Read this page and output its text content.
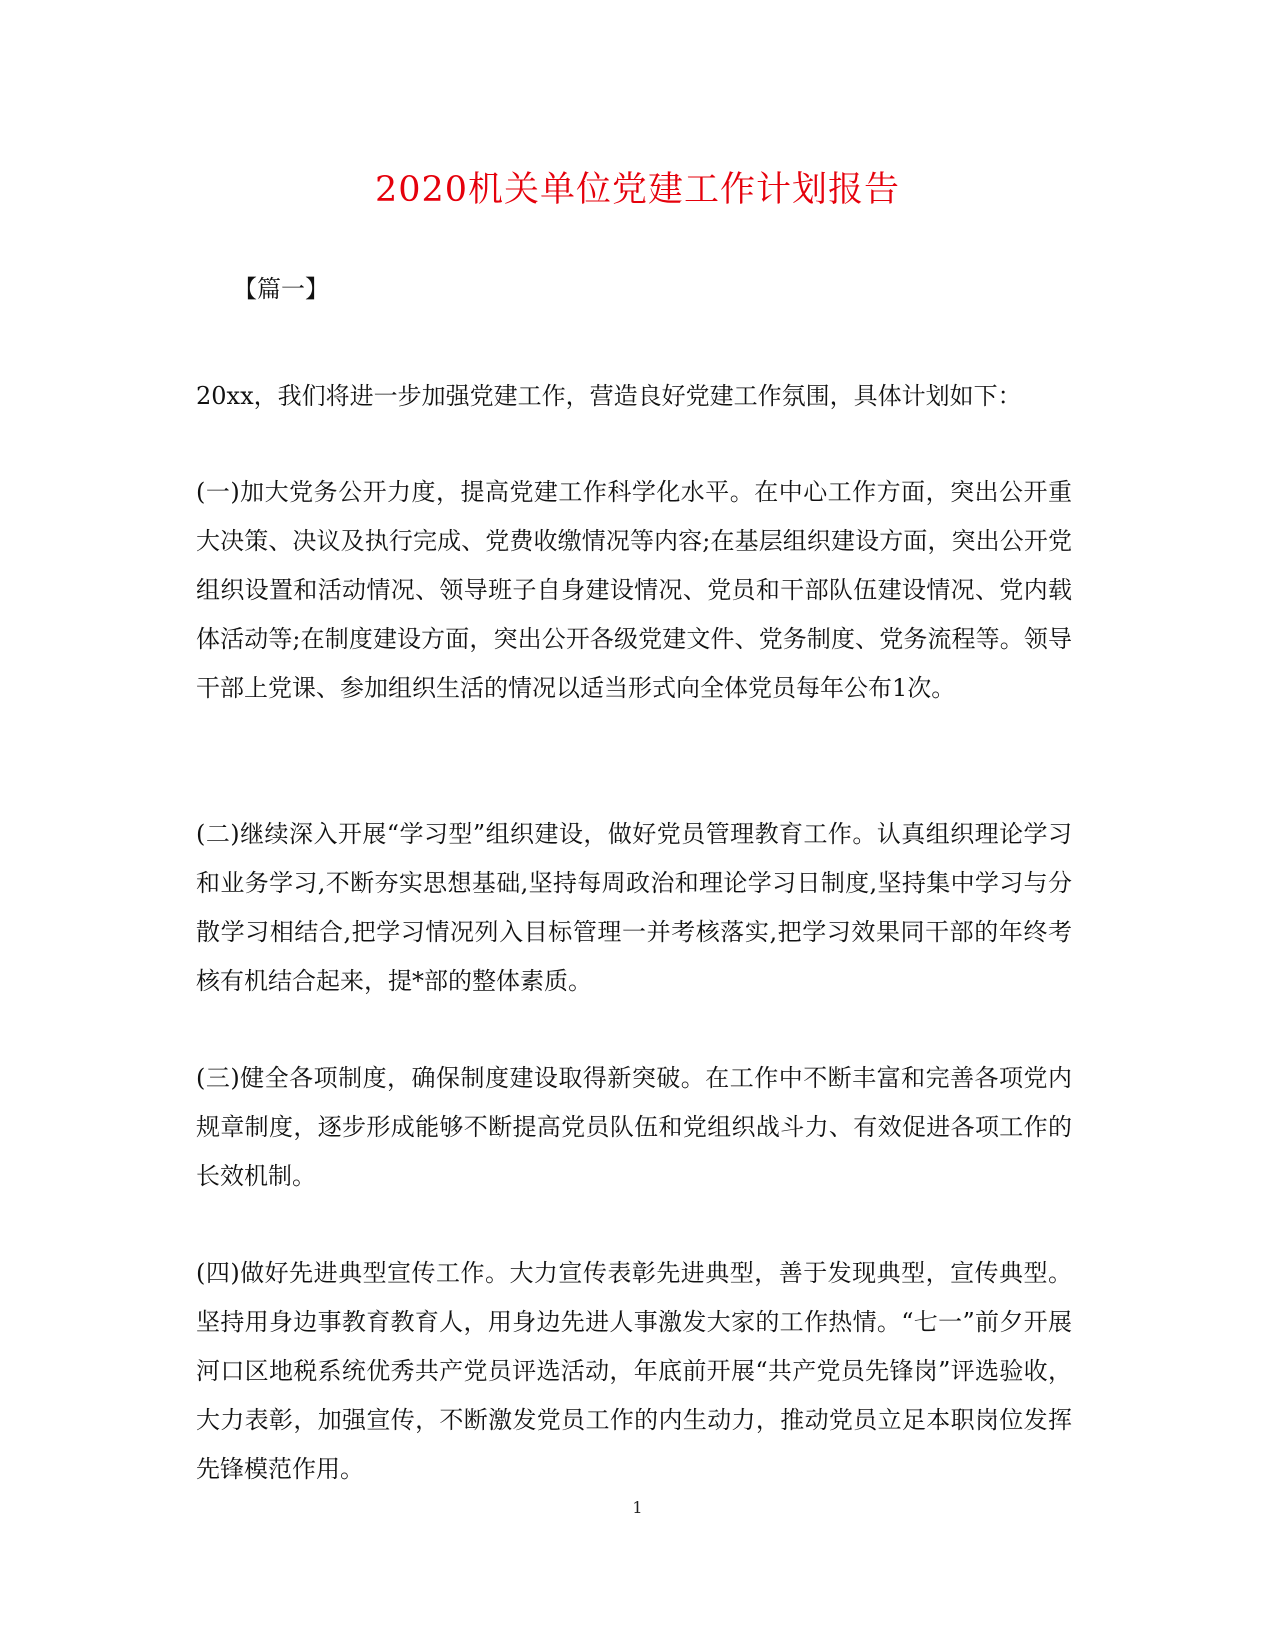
2020机关单位党建工作计划报告
【篇一】

20xx，我们将进一步加强党建工作，营造良好党建工作氛围，具体计划如下：

(一)加大党务公开力度，提高党建工作科学化水平。在中心工作方面，突出公开重大决策、决议及执行完成、党费收缴情况等内容;在基层组织建设方面，突出公开党组织设置和活动情况、领导班子自身建设情况、党员和干部队伍建设情况、党内载体活动等;在制度建设方面，突出公开各级党建文件、党务制度、党务流程等。领导干部上党课、参加组织生活的情况以适当形式向全体党员每年公布1次。

(二)继续深入开展“学习型”组织建设，做好党员管理教育工作。认真组织理论学习和业务学习,不断夯实思想基础,坚持每周政治和理论学习日制度,坚持集中学习与分散学习相结合,把学习情况列入目标管理一并考核落实,把学习效果同干部的年终考核有机结合起来，提*部的整体素质。

(三)健全各项制度，确保制度建设取得新突破。在工作中不断丰富和完善各项党内规章制度，逐步形成能够不断提高党员队伍和党组织战斗力、有效促进各项工作的长效机制。

(四)做好先进典型宣传工作。大力宣传表彰先进典型，善于发现典型，宣传典型。坚持用身边事教育教育人，用身边先进人事激发大家的工作热情。“七一”前夕开展河口区地税系统优秀共产党员评选活动，年底前开展“共产党员先锋岗”评选验收，大力表彰，加强宣传，不断激发党员工作的内生动力，推动党员立足本职岗位发挥先锋模范作用。

1
